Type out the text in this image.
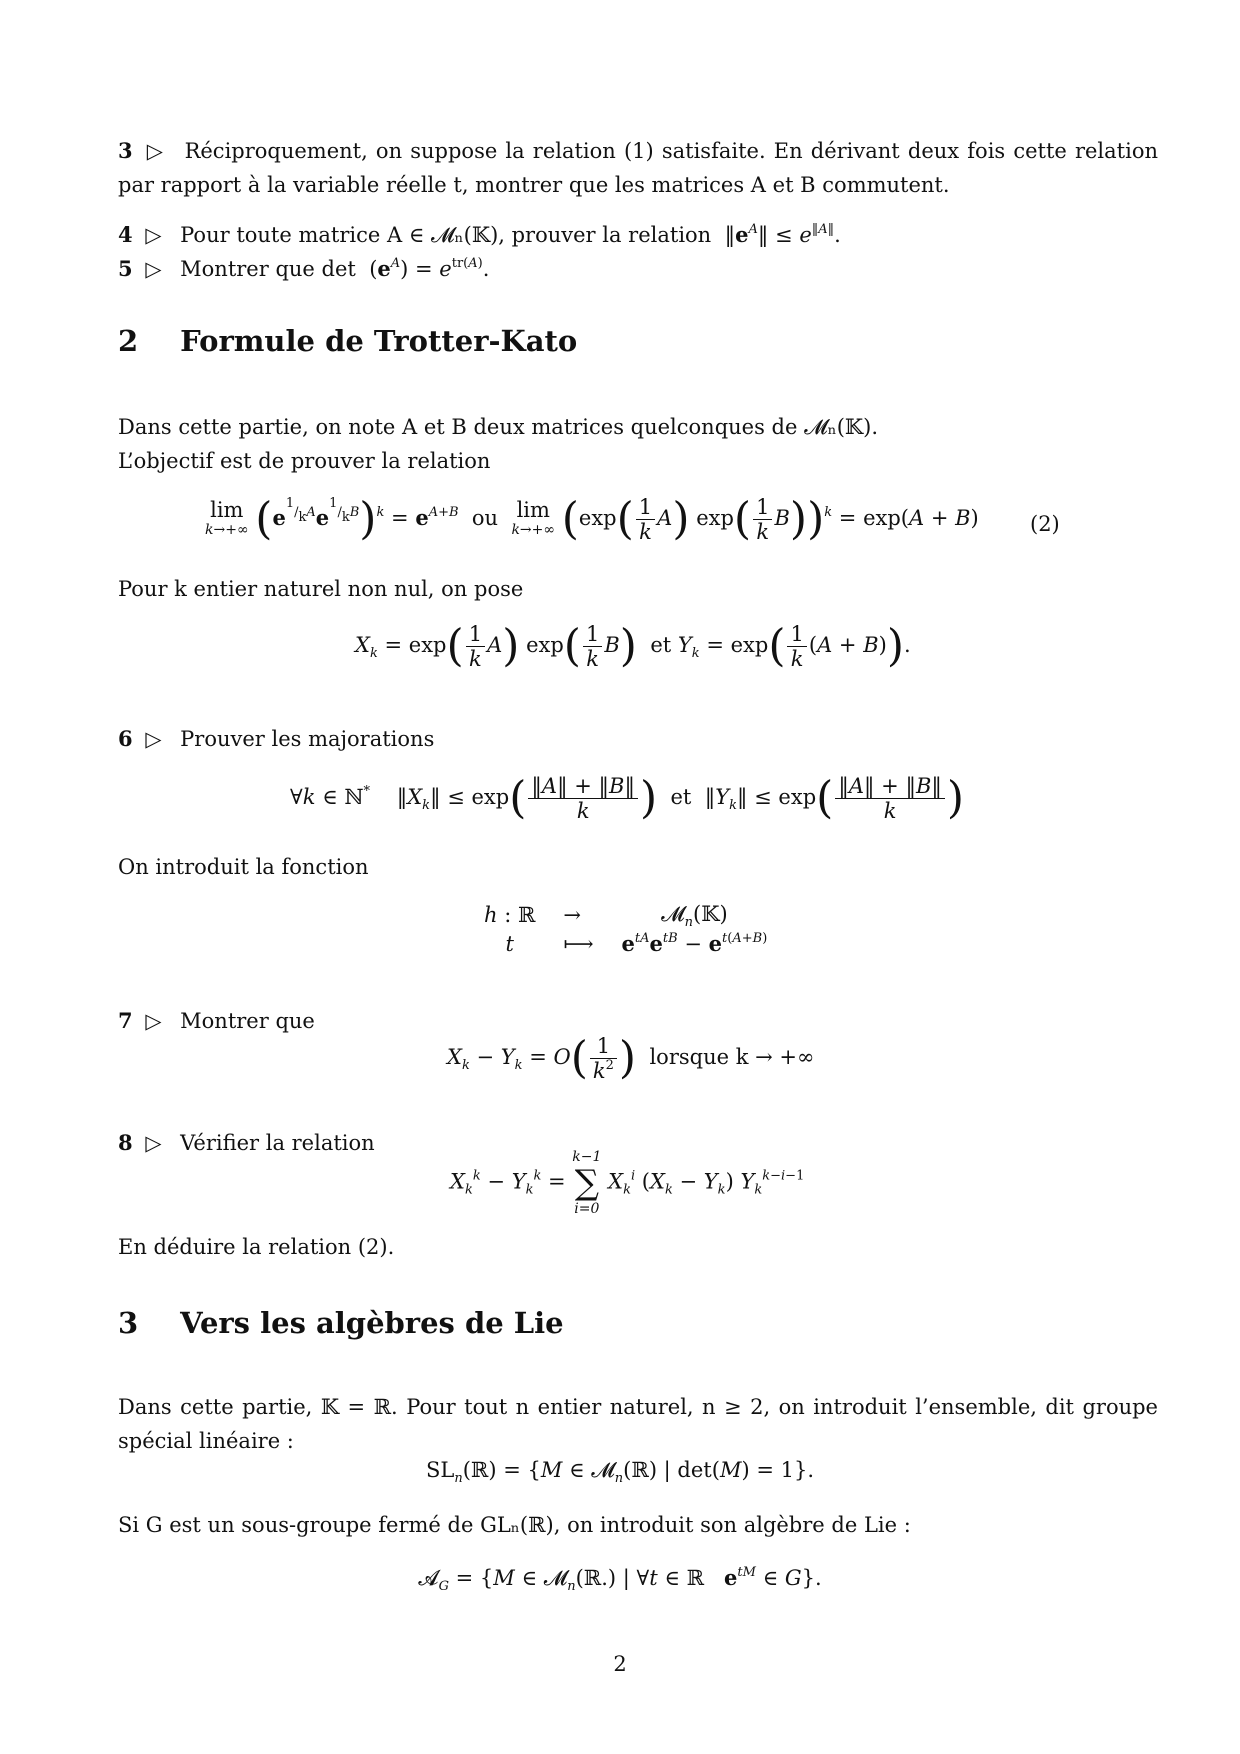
3 ▷ Réciproquement, on suppose la relation (1) satisfaite. En dérivant deux fois cette relation par rapport à la variable réelle t, montrer que les matrices A et B commutent.
4 ▷ Pour toute matrice A ∈ 𝓜ₙ(𝕂), prouver la relation  $‖e^A‖ \le e^{‖A‖}$.
5 ▷ Montrer que $\det (e^A) = e^{tr(A)}$.
2 Formule de Trotter-Kato
Dans cette partie, on note A et B deux matrices quelconques de 𝓜ₙ(𝕂).
L’objectif est de prouver la relation
lim
k→+∞ $(e^{^1/_kA}e^{^1/_kB})^k = e^{A+B}$ ou lim
k→+∞ ($\exp( \frac{1}{k} A)$ $\exp( \frac{1}{k} B))^k = \exp(A + B)$ (2)
Pour k entier naturel non nul, on pose
$X_k = \exp( \frac{1}{k} A)$ $\exp( \frac{1}{k} B)$ et $Y_k = \exp( \frac{1}{k} (A + B))$.
6 ▷ Prouver les majorations
∀k ∈ ℕ*    $‖X_k‖ \le \exp( \frac{‖A‖ + ‖B‖}{k}$ )  et  $‖Y_k‖ \le \exp( \frac{‖A‖ + ‖B‖}{k}$ )
On introduit la fonction
h : ℝ	→	𝓜$_n$(𝕂)
t	⟼	$e^{tA}e^{tB} - e^{t(A+B)}$
7 ▷ Montrer que
$X_k - Y_k = O( \frac{1}{k^2}$ ) lorsque k → +∞
8 ▷ Vérifier la relation
$X_k^k - Y_k^k$ =
k−1
∑
i=0
$X_k^i$ $(X_k - Y_k)$ $Y_k^{k-i-1}$
En déduire la relation (2).
3 Vers les algèbres de Lie
Dans cette partie, 𝕂 = ℝ. Pour tout n entier naturel, n ≥ 2, on introduit l’ensemble, dit groupe spécial linéaire :
$SL_n(ℝ) = \{M$ ∈ 𝓜$_n$(ℝ) | det(M) = 1}.
Si G est un sous-groupe fermé de GLₙ(ℝ), on introduit son algèbre de Lie :
𝓐$_G$ = {M ∈ 𝓜$_n$(ℝ.) | ∀t ∈ ℝ   $e^{tM}$ ∈ G}.
2
